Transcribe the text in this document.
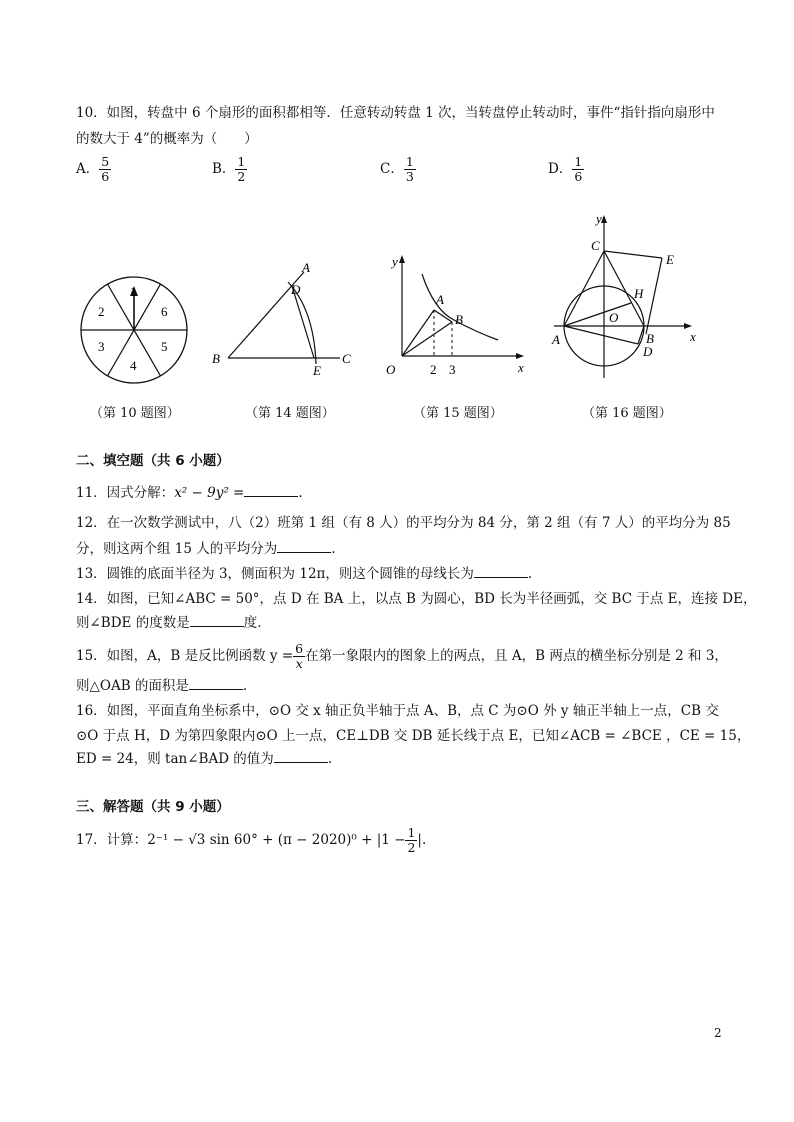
10．如图，转盘中 6 个扇形的面积都相等．任意转动转盘 1 次，当转盘停止转动时，事件“指针指向扇形中
的数大于 4”的概率为（　　）
A． $\frac{5}{6}$	B． $\frac{1}{2}$	C． $\frac{1}{3}$	D． $\frac{1}{6}$
1
6
5
4
3
2
A
D
B	C
E
y
A
B
O	2 3	x
y
C
E
H
O
A	B
D
x
（第 10 题图）	（第 14 题图）	（第 15 题图）	（第 16 题图）
二、填空题（共 6 小题）
11．因式分解：x² − 9y² =	.
12．在一次数学测试中，八（2）班第 1 组（有 8 人）的平均分为 84 分，第 2 组（有 7 人）的平均分为 85
分，则这两个组 15 人的平均分为	.
13．圆锥的底面半径为 3，侧面积为 12π，则这个圆锥的母线长为	.
14．如图，已知∠ABC = 50°，点 D 在 BA 上，以点 B 为圆心，BD 长为半径画弧，交 BC 于点 E，连接 DE，
则∠BDE 的度数是	度．
15．如图，A，B 是反比例函数 $y = \frac{6}{x}$ 在第一象限内的图象上的两点，且 A，B 两点的横坐标分别是 2 和 3，
则△OAB 的面积是	.
16．如图，平面直角坐标系中，⊙O 交 x 轴正负半轴于点 A、B，点 C 为⊙O 外 y 轴正半轴上一点，CB 交
⊙O 于点 H，D 为第四象限内⊙O 上一点，CE⊥DB 交 DB 延长线于点 E，已知∠ACB = ∠BCE ，CE = 15，
ED = 24，则 tan∠BAD 的值为	.
三、解答题（共 9 小题）
17．计算：2⁻¹ − √3 $\sin 60^\circ + (\pi - 2020)^0 + |1 - \frac{1}{2}$ |.
2
